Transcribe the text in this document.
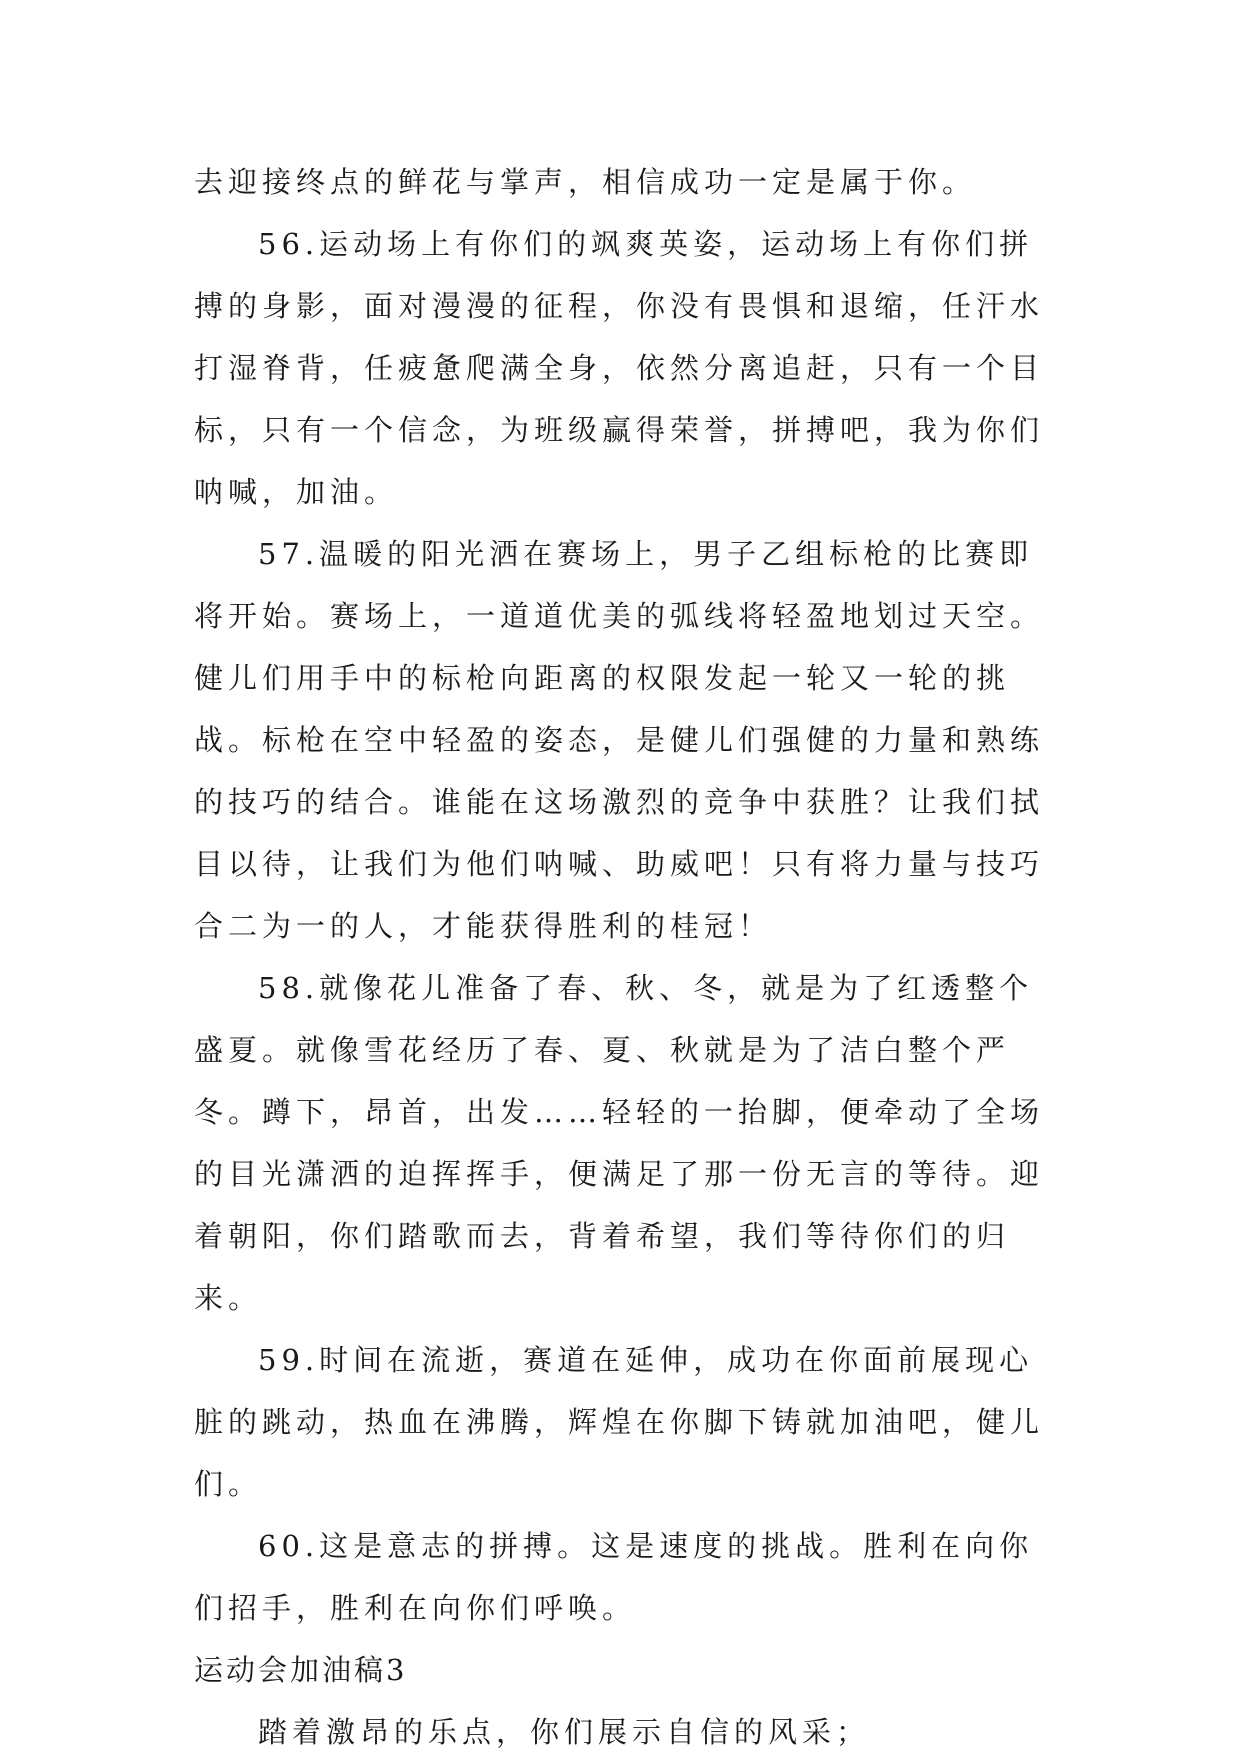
去迎接终点的鲜花与掌声，相信成功一定是属于你。

56.运动场上有你们的飒爽英姿，运动场上有你们拼搏的身影，面对漫漫的征程，你没有畏惧和退缩，任汗水打湿脊背，任疲惫爬满全身，依然分离追赶，只有一个目标，只有一个信念，为班级赢得荣誉，拼搏吧，我为你们呐喊，加油。

57.温暖的阳光洒在赛场上，男子乙组标枪的比赛即将开始。赛场上，一道道优美的弧线将轻盈地划过天空。健儿们用手中的标枪向距离的权限发起一轮又一轮的挑战。标枪在空中轻盈的姿态，是健儿们强健的力量和熟练的技巧的结合。谁能在这场激烈的竞争中获胜？让我们拭目以待，让我们为他们呐喊、助威吧！只有将力量与技巧合二为一的人，才能获得胜利的桂冠！

58.就像花儿准备了春、秋、冬，就是为了红透整个盛夏。就像雪花经历了春、夏、秋就是为了洁白整个严冬。蹲下，昂首，出发……轻轻的一抬脚，便牵动了全场的目光潇洒的迫挥挥手，便满足了那一份无言的等待。迎着朝阳，你们踏歌而去，背着希望，我们等待你们的归来。

59.时间在流逝，赛道在延伸，成功在你面前展现心脏的跳动，热血在沸腾，辉煌在你脚下铸就加油吧，健儿们。

60.这是意志的拼搏。这是速度的挑战。胜利在向你们招手，胜利在向你们呼唤。

运动会加油稿3

踏着激昂的乐点，你们展示自信的风采；
